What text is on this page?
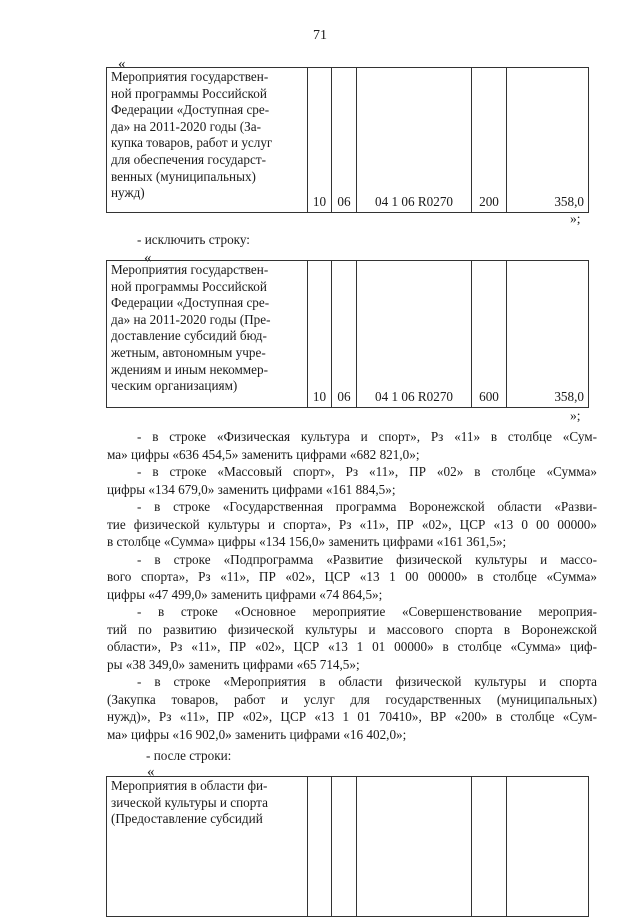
71
«
Мероприятия государствен-
ной программы Российской
Федерации «Доступная сре-
да» на 2011-2020 годы (За-
купка товаров, работ и услуг
для обеспечения государст-
венных (муниципальных)
нужд)
	10	06	04 1 06 R0270	200	358,0
»;
- исключить строку:
«
Мероприятия государствен-
ной программы Российской
Федерации «Доступная сре-
да» на 2011-2020 годы (Пре-
доставление субсидий бюд-
жетным, автономным учре-
ждениям и иным некоммер-
ческим организациям)
	10	06	04 1 06 R0270	600	358,0
»;
- в строке «Физическая культура и спорт», Рз «11» в столбце «Сум-
ма» цифры «636 454,5» заменить цифрами «682 821,0»;
- в строке «Массовый спорт», Рз «11», ПР «02» в столбце «Сумма»
цифры «134 679,0» заменить цифрами «161 884,5»;
- в строке «Государственная программа Воронежской области «Разви-
тие физической культуры и спорта», Рз «11», ПР «02», ЦСР «13 0 00 00000»
в столбце «Сумма» цифры «134 156,0» заменить цифрами «161 361,5»;
- в строке «Подпрограмма «Развитие физической культуры и массо-
вого спорта», Рз «11», ПР «02», ЦСР «13 1 00 00000» в столбце «Сумма»
цифры «47 499,0» заменить цифрами «74 864,5»;
- в строке «Основное мероприятие «Совершенствование мероприя-
тий по развитию физической культуры и массового спорта в Воронежской
области», Рз «11», ПР «02», ЦСР «13 1 01 00000» в столбце «Сумма» циф-
ры «38 349,0» заменить цифрами «65 714,5»;
- в строке «Мероприятия в области физической культуры и спорта
(Закупка товаров, работ и услуг для государственных (муниципальных)
нужд)», Рз «11», ПР «02», ЦСР «13 1 01 70410», ВР «200» в столбце «Сум-
ма» цифры «16 902,0» заменить цифрами «16 402,0»;
- после строки:
«
Мероприятия в области фи-
зической культуры и спорта
(Предоставление субсидий
